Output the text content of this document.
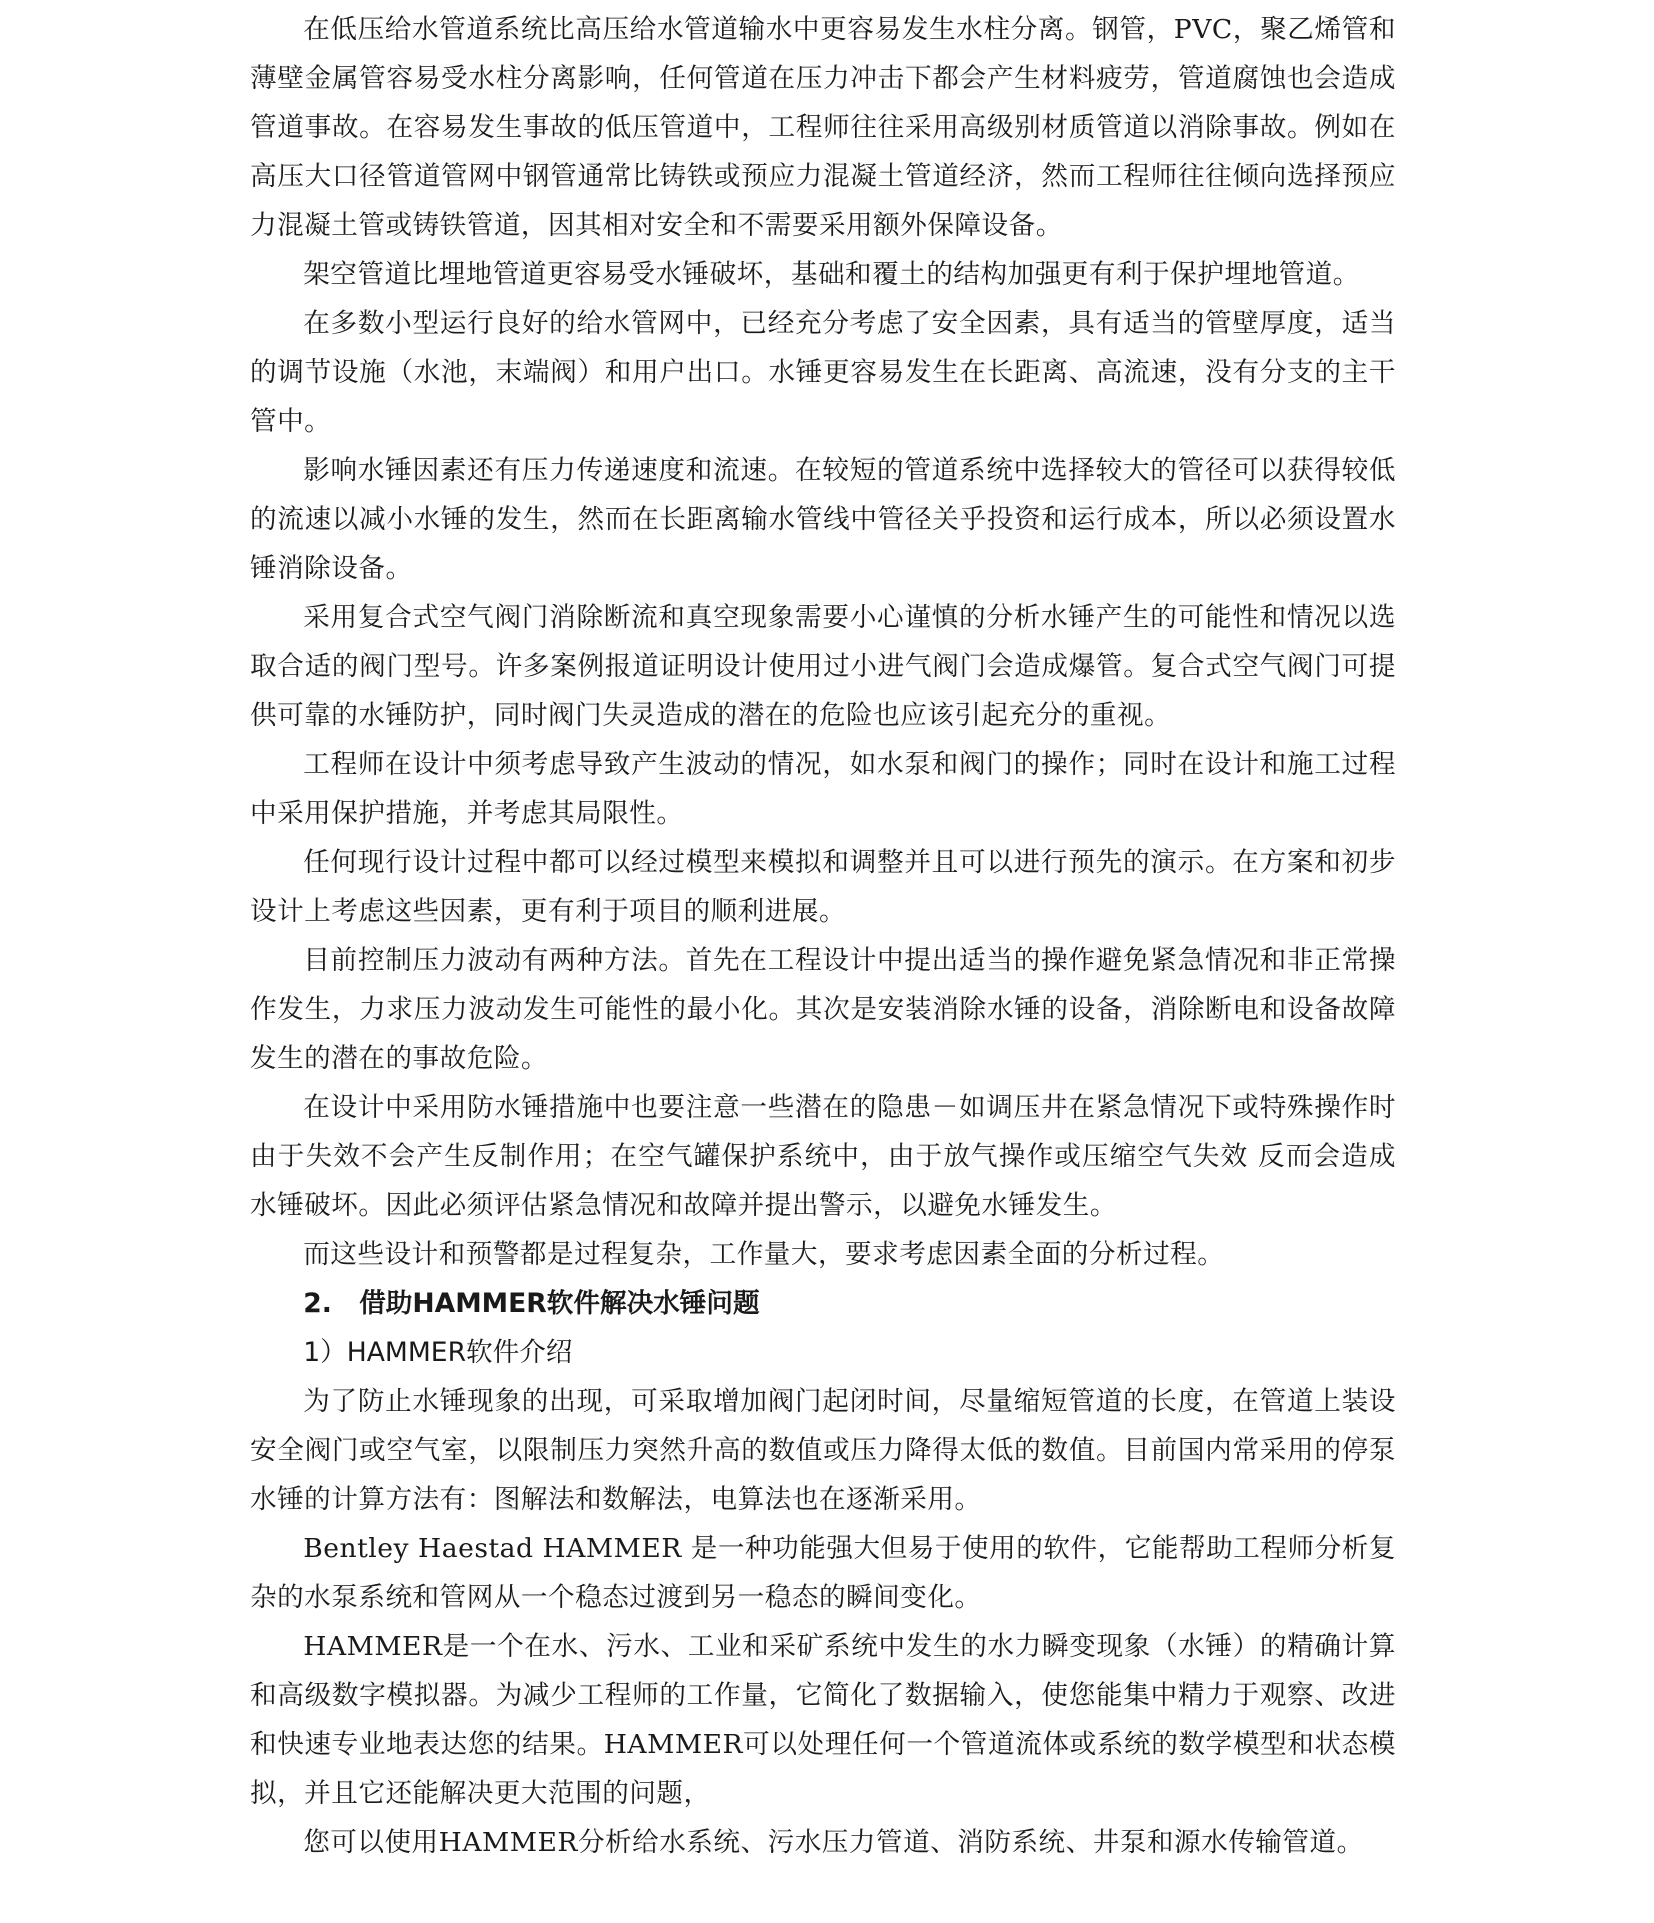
在低压给水管道系统比高压给水管道输水中更容易发生水柱分离。钢管，PVC，聚乙烯管和薄壁金属管容易受水柱分离影响，任何管道在压力冲击下都会产生材料疲劳，管道腐蚀也会造成管道事故。在容易发生事故的低压管道中，工程师往往采用高级别材质管道以消除事故。例如在高压大口径管道管网中钢管通常比铸铁或预应力混凝土管道经济，然而工程师往往倾向选择预应力混凝土管或铸铁管道，因其相对安全和不需要采用额外保障设备。

架空管道比埋地管道更容易受水锤破坏，基础和覆土的结构加强更有利于保护埋地管道。

在多数小型运行良好的给水管网中，已经充分考虑了安全因素，具有适当的管壁厚度，适当的调节设施（水池，末端阀）和用户出口。水锤更容易发生在长距离、高流速，没有分支的主干管中。

影响水锤因素还有压力传递速度和流速。在较短的管道系统中选择较大的管径可以获得较低的流速以减小水锤的发生，然而在长距离输水管线中管径关乎投资和运行成本，所以必须设置水锤消除设备。

采用复合式空气阀门消除断流和真空现象需要小心谨慎的分析水锤产生的可能性和情况以选取合适的阀门型号。许多案例报道证明设计使用过小进气阀门会造成爆管。复合式空气阀门可提供可靠的水锤防护，同时阀门失灵造成的潜在的危险也应该引起充分的重视。

工程师在设计中须考虑导致产生波动的情况，如水泵和阀门的操作；同时在设计和施工过程中采用保护措施，并考虑其局限性。

任何现行设计过程中都可以经过模型来模拟和调整并且可以进行预先的演示。在方案和初步设计上考虑这些因素，更有利于项目的顺利进展。

目前控制压力波动有两种方法。首先在工程设计中提出适当的操作避免紧急情况和非正常操作发生，力求压力波动发生可能性的最小化。其次是安装消除水锤的设备，消除断电和设备故障发生的潜在的事故危险。

在设计中采用防水锤措施中也要注意一些潜在的隐患－如调压井在紧急情况下或特殊操作时由于失效不会产生反制作用；在空气罐保护系统中，由于放气操作或压缩空气失效 反而会造成水锤破坏。因此必须评估紧急情况和故障并提出警示，以避免水锤发生。

而这些设计和预警都是过程复杂，工作量大，要求考虑因素全面的分析过程。

2. 借助HAMMER软件解决水锤问题

1）HAMMER软件介绍

为了防止水锤现象的出现，可采取增加阀门起闭时间，尽量缩短管道的长度，在管道上装设安全阀门或空气室，以限制压力突然升高的数值或压力降得太低的数值。目前国内常采用的停泵水锤的计算方法有：图解法和数解法，电算法也在逐渐采用。

Bentley Haestad HAMMER 是一种功能强大但易于使用的软件，它能帮助工程师分析复杂的水泵系统和管网从一个稳态过渡到另一稳态的瞬间变化。

HAMMER是一个在水、污水、工业和采矿系统中发生的水力瞬变现象（水锤）的精确计算和高级数字模拟器。为减少工程师的工作量，它简化了数据输入，使您能集中精力于观察、改进和快速专业地表达您的结果。HAMMER可以处理任何一个管道流体或系统的数学模型和状态模拟，并且它还能解决更大范围的问题，

您可以使用HAMMER分析给水系统、污水压力管道、消防系统、井泵和源水传输管道。
